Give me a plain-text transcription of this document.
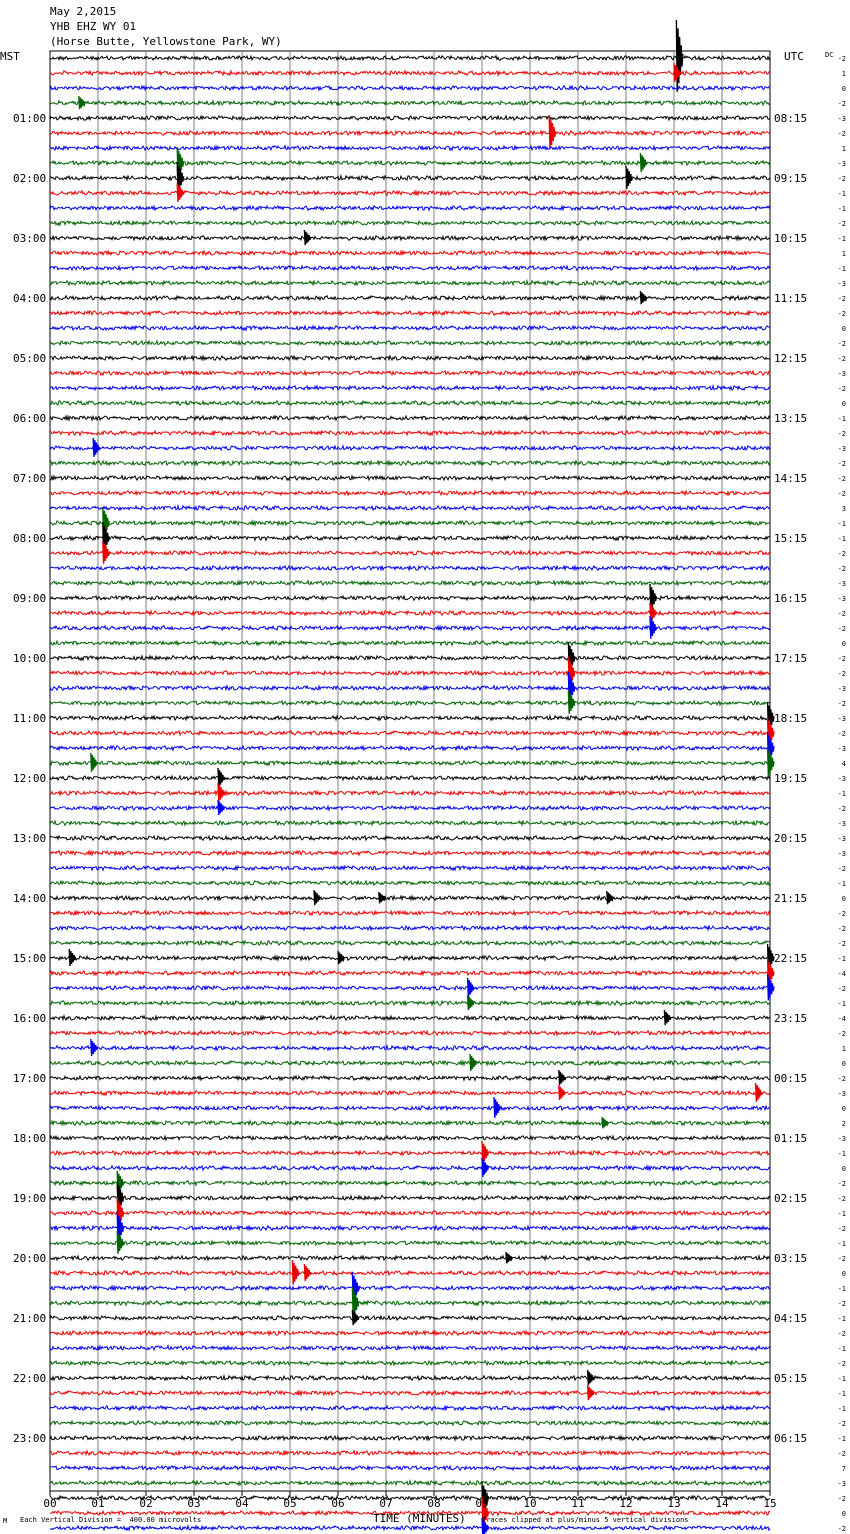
May 2,2015
YHB EHZ WY 01
(Horse Butte, Yellowstone Park, WY)
MST	UTC	-2
1
0
-2
-3
-2
1
-3
-2
-1
-1
-2
-1
1
-1
-3
-2
-2
0
-2
-2
-3
-2
0
-1
-2
-3
-2
-2
-2
3
-1
-1
-2
-2
-3
-3
-2
-2
0
-2
-2
-3
-2
-3
-2
-3
4
-3
-1
-2
-3
-3
-3
-2
-1
0
-2
-2
-2
-1
-4
-2
-1
-4
-2
1
0
-2
-3
0
2
-3
-1
0
-2
-2
-1
-2
-1
-2
0
-1
-2
-1
-2
-1
-2
-1
-1
-1
-2
-1
-2
7
-3
-2
0
-2
DC
01:00
02:00
03:00
04:00
05:00
06:00
07:00
08:00
09:00
10:00
11:00
12:00
13:00
14:00
15:00
16:00
17:00
18:00
19:00
20:00
21:00
22:00
23:00
08:15
09:15
10:15
11:15
12:15
13:15
14:15
15:15
16:15
17:15
18:15
19:15
20:15
21:15
22:15
23:15
00:15
01:15
02:15
03:15
04:15
05:15
06:15
00	01	02	03	04	05	06	07	08	09	10	11	12	13	14	15
M Each Vertical Division =  400.00 microvolts	TIME (MINUTES) Traces clipped at plus/minus 5 vertical divisions
